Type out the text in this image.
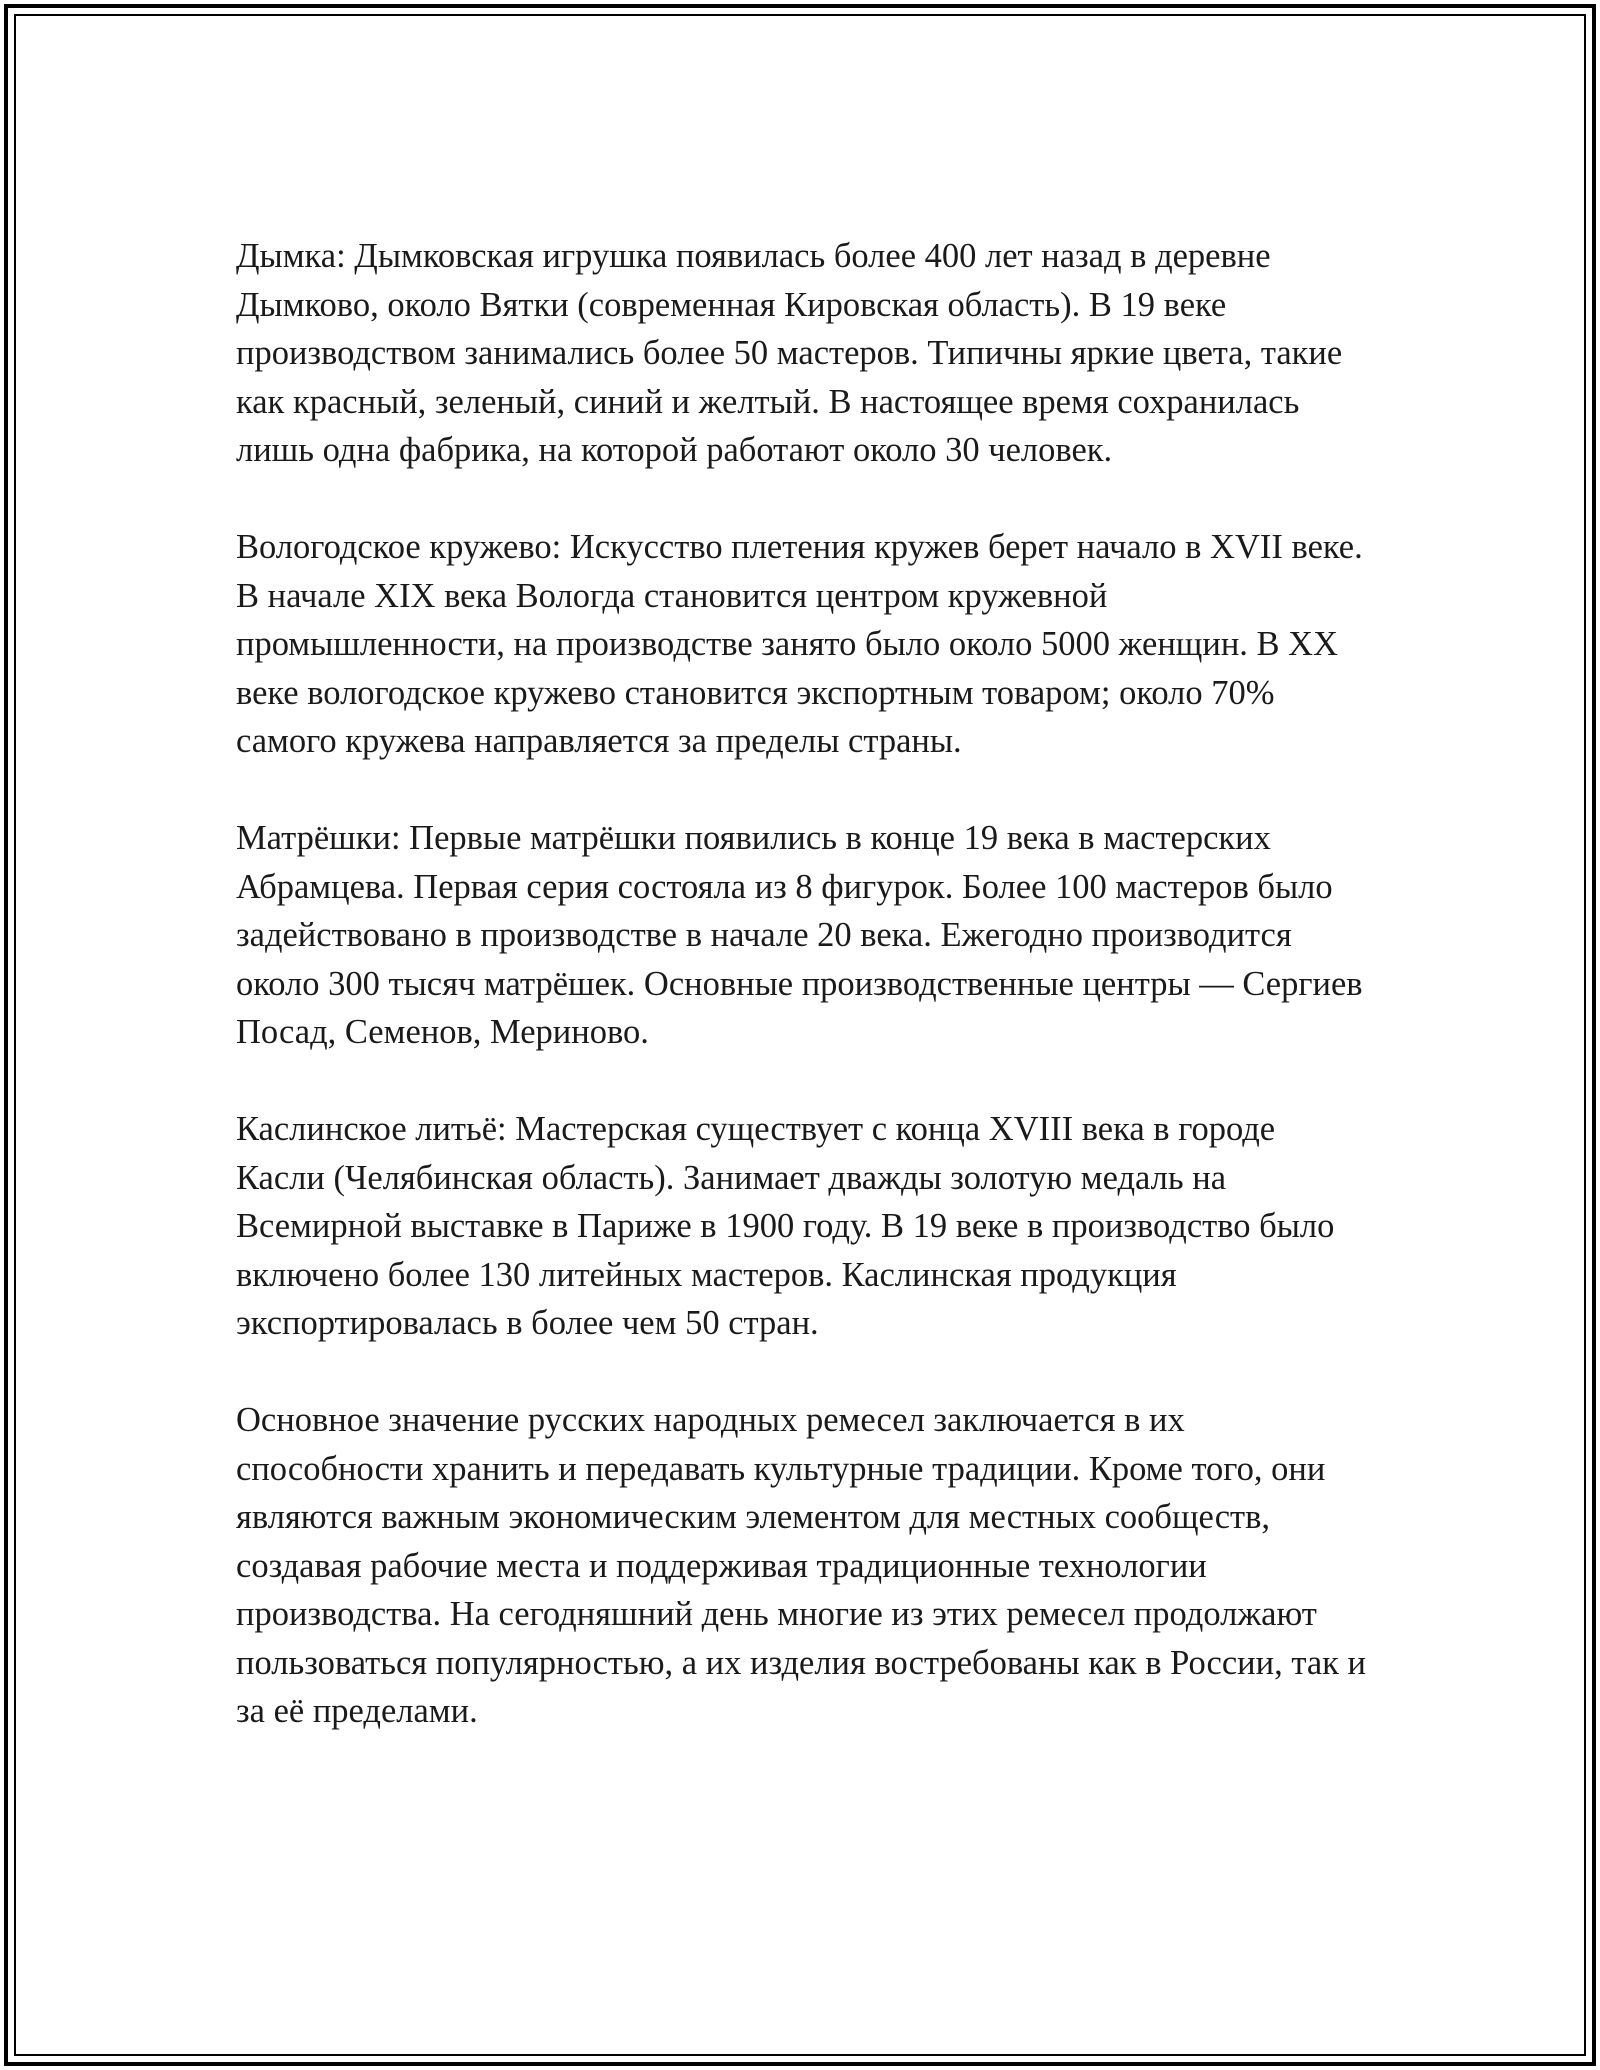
Дымка: Дымковская игрушка появилась более 400 лет назад в деревне Дымково, около Вятки (современная Кировская область). В 19 веке производством занимались более 50 мастеров. Типичны яркие цвета, такие как красный, зеленый, синий и желтый. В настоящее время сохранилась лишь одна фабрика, на которой работают около 30 человек.

Вологодское кружево: Искусство плетения кружев берет начало в XVII веке. В начале XIX века Вологда становится центром кружевной промышленности, на производстве занято было около 5000 женщин. В XX веке вологодское кружево становится экспортным товаром; около 70% самого кружева направляется за пределы страны.

Матрёшки: Первые матрёшки появились в конце 19 века в мастерских Абрамцева. Первая серия состояла из 8 фигурок. Более 100 мастеров было задействовано в производстве в начале 20 века. Ежегодно производится около 300 тысяч матрёшек. Основные производственные центры — Сергиев Посад, Семенов, Мериново.

Каслинское литьё: Мастерская существует с конца XVIII века в городе Касли (Челябинская область). Занимает дважды золотую медаль на Всемирной выставке в Париже в 1900 году. В 19 веке в производство было включено более 130 литейных мастеров. Каслинская продукция экспортировалась в более чем 50 стран.

Основное значение русских народных ремесел заключается в их способности хранить и передавать культурные традиции. Кроме того, они являются важным экономическим элементом для местных сообществ, создавая рабочие места и поддерживая традиционные технологии производства. На сегодняшний день многие из этих ремесел продолжают пользоваться популярностью, а их изделия востребованы как в России, так и за её пределами.
